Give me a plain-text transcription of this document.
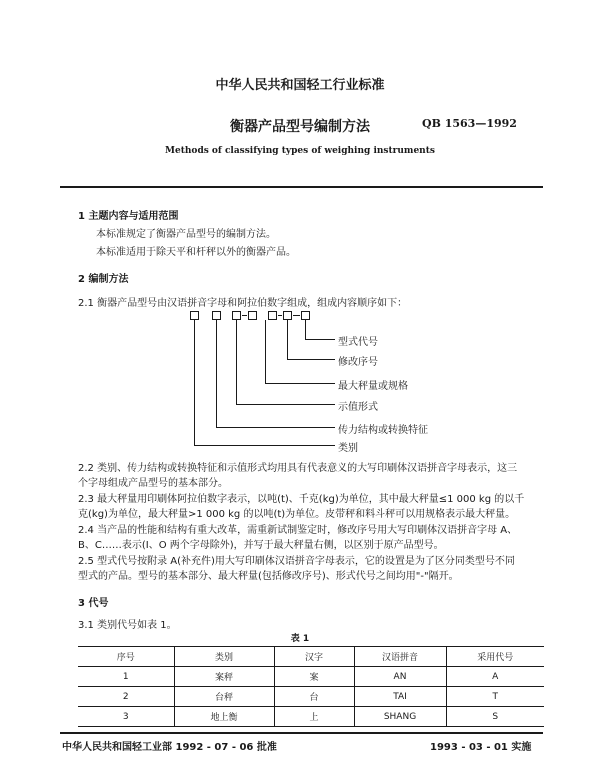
中华人民共和国轻工行业标准
衡器产品型号编制方法	QB 1563—1992
Methods of classifying types of weighing instruments
1 主题内容与适用范围
本标准规定了衡器产品型号的编制方法。
本标准适用于除天平和杆秤以外的衡器产品。
2 编制方法
2.1 衡器产品型号由汉语拼音字母和阿拉伯数字组成，组成内容顺序如下：
型式代号
修改序号
最大秤量或规格
示值形式
传力结构或转换特征
类别
2.2 类别、传力结构或转换特征和示值形式均用具有代表意义的大写印刷体汉语拼音字母表示，这三
个字母组成产品型号的基本部分。
2.3 最大秤量用印刷体阿拉伯数字表示，以吨(t)、千克(kg)为单位，其中最大秤量≤1 000 kg 的以千
克(kg)为单位，最大秤量>1 000 kg 的以吨(t)为单位。皮带秤和料斗秤可以用规格表示最大秤量。
2.4 当产品的性能和结构有重大改革，需重新试制鉴定时，修改序号用大写印刷体汉语拼音字母 A、
B、C……表示(I、O 两个字母除外)，并写于最大秤量右侧，以区别于原产品型号。
2.5 型式代号按附录 A(补充件)用大写印刷体汉语拼音字母表示，它的设置是为了区分同类型号不同
型式的产品。型号的基本部分、最大秤量(包括修改序号)、形式代号之间均用"-"隔开。
3 代号
3.1 类别代号如表 1。
表 1
序号	类别	汉字	汉语拼音	采用代号
1	案秤	案	AN	A
2	台秤	台	TAI	T
3	地上衡	上	SHANG	S
中华人民共和国轻工业部 1992 - 07 - 06 批准	1993 - 03 - 01 实施
